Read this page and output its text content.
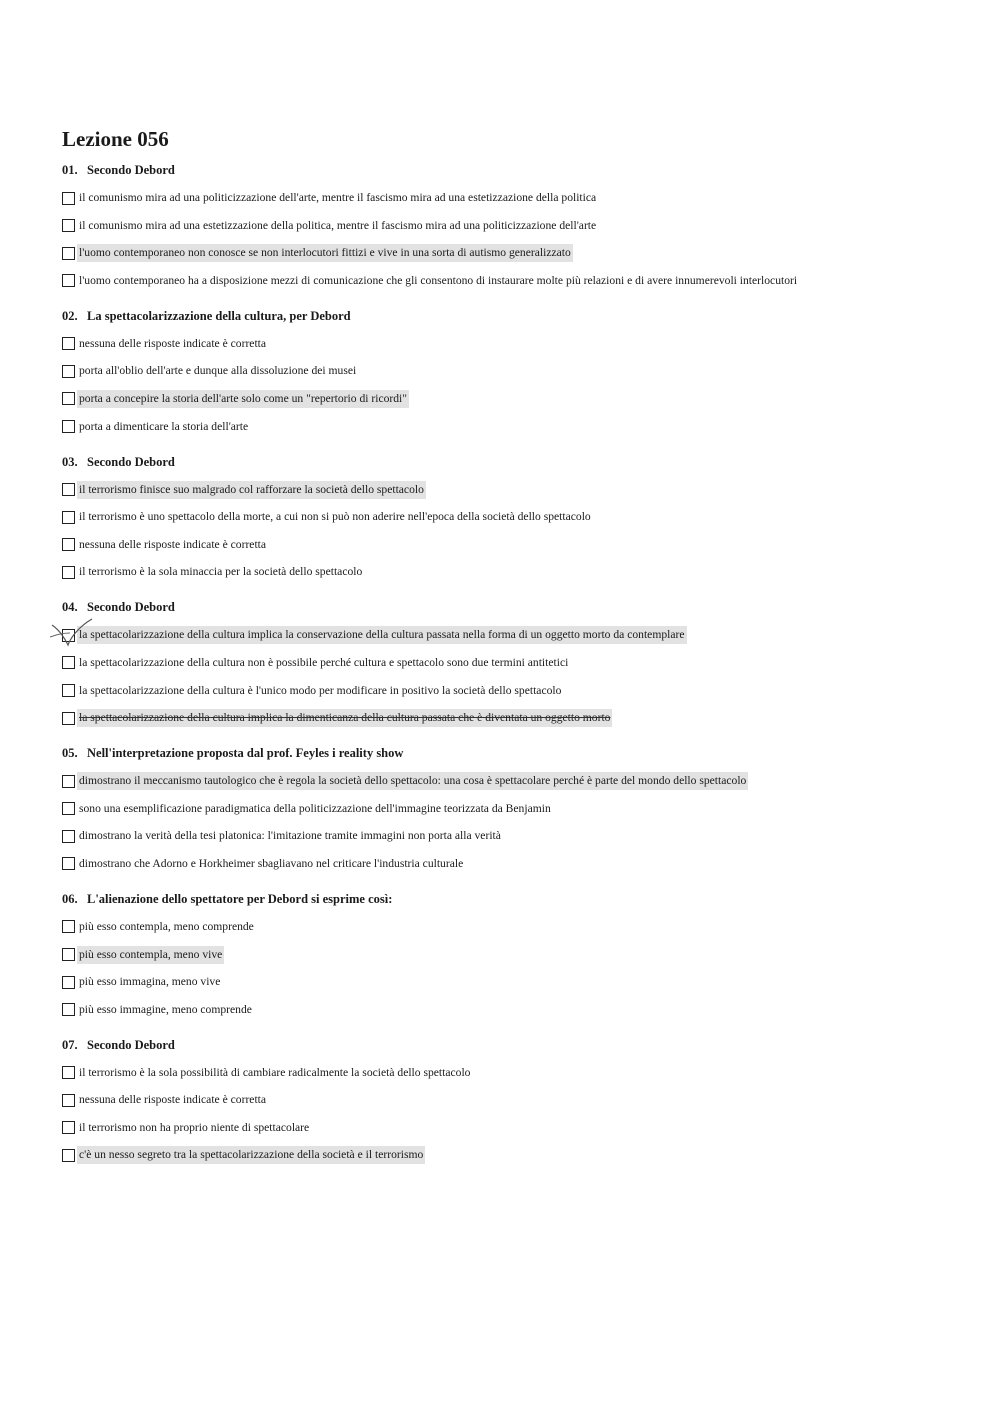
Lezione 056
01. Secondo Debord
il comunismo mira ad una politicizzazione dell'arte, mentre il fascismo mira ad una estetizzazione della politica
il comunismo mira ad una estetizzazione della politica, mentre il fascismo mira ad una politicizzazione dell'arte
l'uomo contemporaneo non conosce se non interlocutori fittizi e vive in una sorta di autismo generalizzato
l'uomo contemporaneo ha a disposizione mezzi di comunicazione che gli consentono di instaurare molte più relazioni e di avere innumerevoli interlocutori
02. La spettacolarizzazione della cultura, per Debord
nessuna delle risposte indicate è corretta
porta all'oblio dell'arte e dunque alla dissoluzione dei musei
porta a concepire la storia dell'arte solo come un "repertorio di ricordi"
porta a dimenticare la storia dell'arte
03. Secondo Debord
il terrorismo finisce suo malgrado col rafforzare la società dello spettacolo
il terrorismo è uno spettacolo della morte, a cui non si può non aderire nell'epoca della società dello spettacolo
nessuna delle risposte indicate è corretta
il terrorismo è la sola minaccia per la società dello spettacolo
04. Secondo Debord
la spettacolarizzazione della cultura implica la conservazione della cultura passata nella forma di un oggetto morto da contemplare
la spettacolarizzazione della cultura non è possibile perché cultura e spettacolo sono due termini antitetici
la spettacolarizzazione della cultura è l'unico modo per modificare in positivo la società dello spettacolo
la spettacolarizzazione della cultura implica la dimenticanza della cultura passata che è diventata un oggetto morto
05. Nell'interpretazione proposta dal prof. Feyles i reality show
dimostrano il meccanismo tautologico che è regola la società dello spettacolo: una cosa è spettacolare perché è parte del mondo dello spettacolo
sono una esemplificazione paradigmatica della politicizzazione dell'immagine teorizzata da Benjamin
dimostrano la verità della tesi platonica: l'imitazione tramite immagini non porta alla verità
dimostrano che Adorno e Horkheimer sbagliavano nel criticare l'industria culturale
06. L'alienazione dello spettatore per Debord si esprime così:
più esso contempla, meno comprende
più esso contempla, meno vive
più esso immagina, meno vive
più esso immagine, meno comprende
07. Secondo Debord
il terrorismo è la sola possibilità di cambiare radicalmente la società dello spettacolo
nessuna delle risposte indicate è corretta
il terrorismo non ha proprio niente di spettacolare
c'è un nesso segreto tra la spettacolarizzazione della società e il terrorismo
